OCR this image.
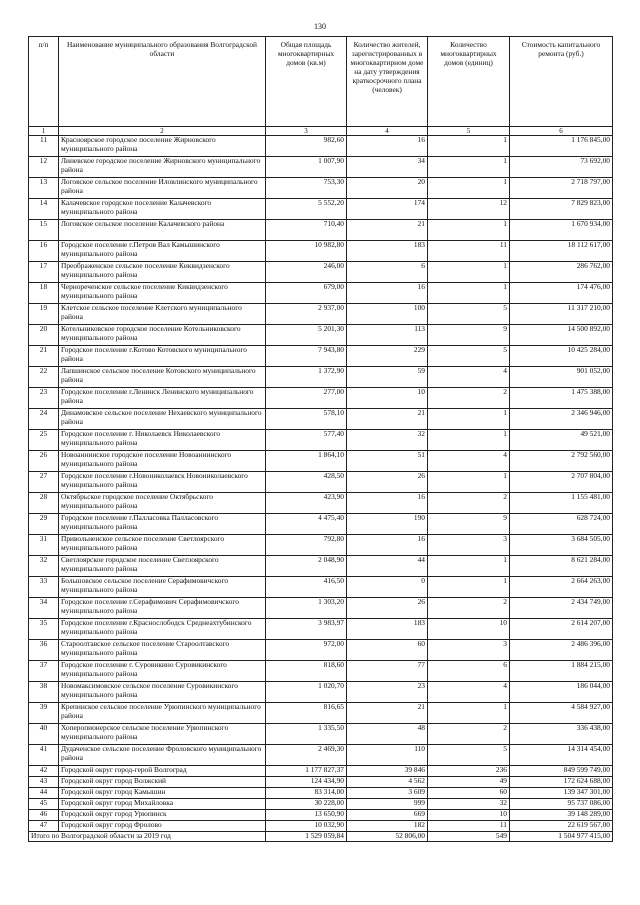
130
п/п	Наименование муниципального образования Волгоградской области	Общая площадь многоквартирных домов (кв.м)	Количество жителей, зарегистрированных в многоквартирном доме на дату утверждения краткосрочного плана (человек)	Количество многоквартирных домов (единиц)	Стоимость капитального ремонта (руб.)
1	2	3	4	5	6
11	Красноярское городское поселение Жирновского муниципального района	982,60	16	1	1 176 845,00
12	Линевское городское поселение Жирновского муниципального района	1 007,90	34	1	73 692,00
13	Логовское сельское поселение Иловлинского муниципального района	753,30	20	1	2 718 797,00
14	Калачевское городское поселение Калачевского муниципального района	5 552,20	174	12	7 829 823,00
15	Логовское сельское поселение Калачевского района	710,40	21	1	1 670 934,00
16	Городское поселение г.Петров Вал Камышинского муниципального района	10 982,80	183	11	18 112 617,00
17	Преображенское сельское поселение Киквидзенского муниципального района	246,00	6	1	286 762,00
18	Чернореченское сельское поселение Киквидзенского муниципального района	679,00	16	1	174 476,00
19	Клетское сельское поселение Клетского муниципального района	2 937,00	100	5	11 317 210,00
20	Котельниковское городское поселение Котельниковского муниципального района	5 201,30	113	9	14 500 892,00
21	Городское поселение г.Котово Котовского муниципального района	7 943,80	229	5	10 425 284,00
22	Лапшинское сельское поселение Котовского муниципального района	1 372,90	59	4	901 052,00
23	Городское поселение г.Ленинск Ленинского муниципального района	277,00	10	2	1 475 388,00
24	Динамовское сельское поселение Нехаевского муниципального района	578,10	21	1	2 346 946,00
25	Городское поселение г. Николаевск Николаевского муниципального района	577,40	32	1	49 521,00
26	Новоаннинское городское поселение Новоаннинского муниципального района	1 864,10	51	4	2 792 560,00
27	Городское поселение г.Новониколаевск Новониколаевского муниципального района	428,50	26	1	2 707 804,00
28	Октябрьское городское поселение Октябрьского муниципального района	423,90	16	2	1 155 481,00
29	Городское поселение г.Палласовка Палласовского муниципального района	4 475,40	190	9	628 724,00
31	Привольненское сельское поселение Светлоярского муниципального района	792,80	16	3	3 684 505,00
32	Светлоярское городское поселение Светлоярского муниципального района	2 048,90	44	1	8 621 284,00
33	Большовское сельское поселение Серафимовичского муниципального района	416,50	0	1	2 664 263,00
34	Городское поселение г.Серафимович Серафимовичского муниципального района	1 303,20	26	2	2 434 749,00
35	Городское поселение г.Краснослободск Среднеахтубинского муниципального района	3 983,97	183	10	2 614 207,00
36	Староолтавское сельское поселение Староолтавского муниципального района	972,00	60	3	2 486 396,00
37	Городское поселение г. Суровикино Суровикинского муниципального района	818,60	77	6	1 884 215,00
38	Новомаксимовское сельское поселение Суровикинского муниципального района	1 020,70	23	4	186 044,00
39	Крепинское сельское поселение Урюпинского муниципального района	816,65	21	1	4 584 927,00
40	Хоперопионерское сельское поселение Урюпинского муниципального района	1 335,50	48	2	336 438,00
41	Дудаченское сельское поселение Фроловского муниципального района	2 469,30	110	5	14 314 454,00
42	Городской округ город-герой Волгоград	1 177 827,37	39 846	236	849 599 749,00
43	Городской округ город Волжский	124 434,90	4 562	49	172 624 688,00
44	Городской округ город Камышин	83 314,00	3 609	60	139 347 301,00
45	Городской округ город Михайловка	30 228,00	999	32	95 737 086,00
46	Городской округ город Урюпинск	13 650,90	669	10	39 148 289,00
47	Городской округ город Фролово	10 032,90	182	11	22 619 567,00
Итого по Волгоградской области за 2019 год		1 529 059,84	52 806,00	549	1 504 977 415,00
